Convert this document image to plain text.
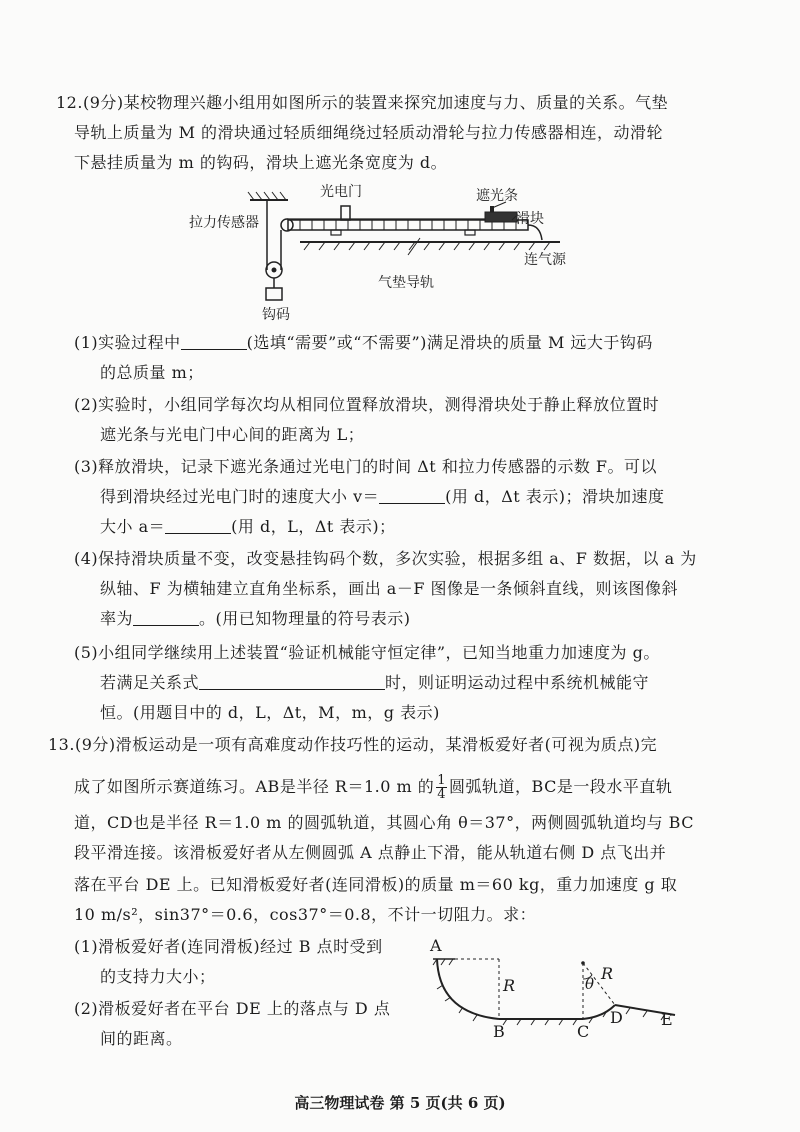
12.(9分)某校物理兴趣小组用如图所示的装置来探究加速度与力、质量的关系。气垫
导轨上质量为 M 的滑块通过轻质细绳绕过轻质动滑轮与拉力传感器相连，动滑轮
下悬挂质量为 m 的钩码，滑块上遮光条宽度为 d。
光电门	遮光条
滑块
拉力传感器
连气源
气垫导轨
钩码
(1)实验过程中	(选填“需要”或“不需要”)满足滑块的质量 M 远大于钩码
的总质量 m；
(2)实验时，小组同学每次均从相同位置释放滑块，测得滑块处于静止释放位置时
遮光条与光电门中心间的距离为 L；
(3)释放滑块，记录下遮光条通过光电门的时间 Δt 和拉力传感器的示数 F。可以
得到滑块经过光电门时的速度大小 v＝	(用 d，Δt 表示)；滑块加速度
大小 a＝	(用 d，L，Δt 表示)；
(4)保持滑块质量不变，改变悬挂钩码个数，多次实验，根据多组 a、F 数据，以 a 为
纵轴、F 为横轴建立直角坐标系，画出 a－F 图像是一条倾斜直线，则该图像斜
率为	。(用已知物理量的符号表示)
(5)小组同学继续用上述装置“验证机械能守恒定律”，已知当地重力加速度为 g。
若满足关系式	时，则证明运动过程中系统机械能守
恒。(用题目中的 d，L，Δt，M，m，g 表示)
13.(9分)滑板运动是一项有高难度动作技巧性的运动，某滑板爱好者(可视为质点)完
成了如图所示赛道练习。AB是半径 R＝1.0 m 的 $\frac{1}{4}$ 圆弧轨道，BC是一段水平直轨
道，CD也是半径 R＝1.0 m 的圆弧轨道，其圆心角 θ＝37°，两侧圆弧轨道均与 BC
段平滑连接。该滑板爱好者从左侧圆弧 A 点静止下滑，能从轨道右侧 D 点飞出并
落在平台 DE 上。已知滑板爱好者(连同滑板)的质量 m＝60 kg，重力加速度 g 取
10 m/s²，sin37°＝0.6，cos37°＝0.8，不计一切阻力。求：
(1)滑板爱好者(连同滑板)经过 B 点时受到
的支持力大小；
(2)滑板爱好者在平台 DE 上的落点与 D 点
间的距离。
A
B	C
D E
R
R
θ
高三物理试卷 第 5 页(共 6 页)
